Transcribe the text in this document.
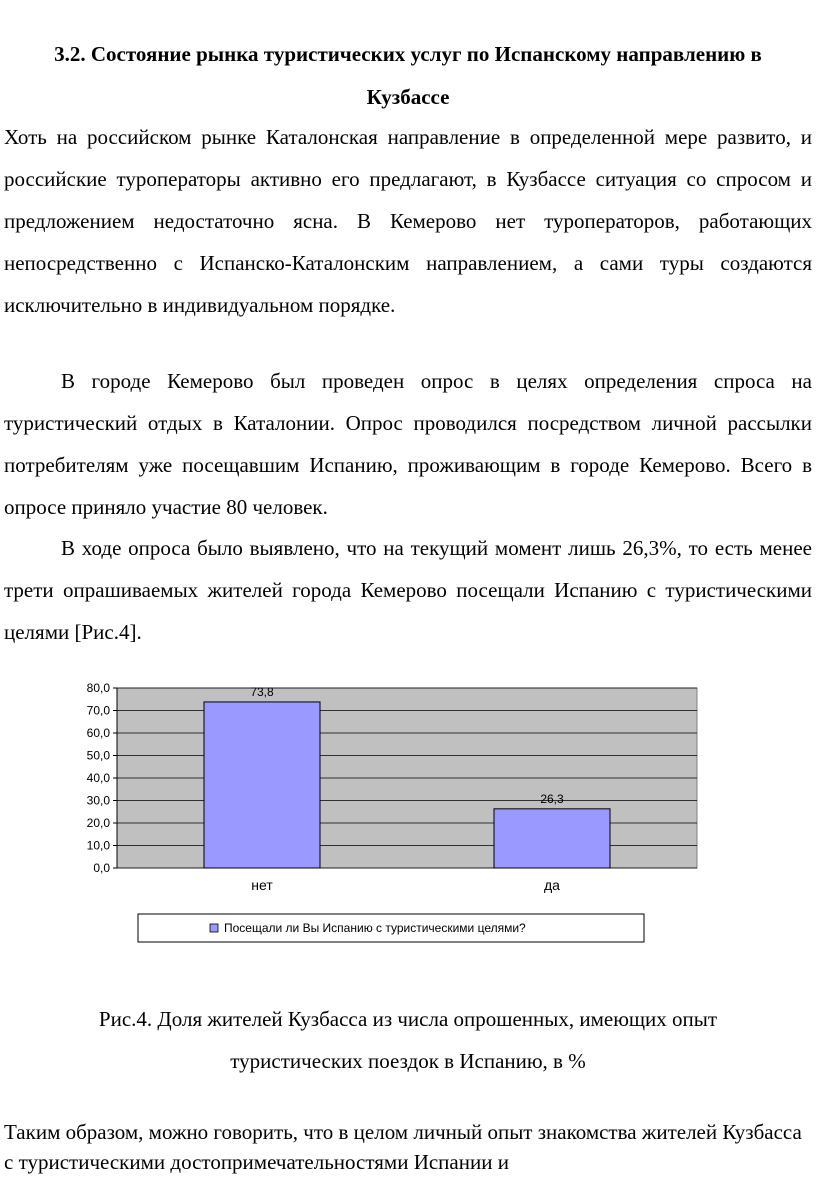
3.2. Состояние рынка туристических услуг по Испанскому направлению в
Кузбассе

Хоть на российском рынке Каталонская направление в определенной мере развито, и российские туроператоры активно его предлагают, в Кузбассе ситуация со спросом и предложением недостаточно ясна. В Кемерово нет туроператоров, работающих непосредственно с Испанско-Каталонским направлением, а сами туры создаются исключительно в индивидуальном порядке.

В городе Кемерово был проведен опрос в целях определения спроса на туристический отдых в Каталонии. Опрос проводился посредством личной рассылки потребителям уже посещавшим Испанию, проживающим в городе Кемерово. Всего в опросе приняло участие 80 человек.

В ходе опроса было выявлено, что на текущий момент лишь 26,3%, то есть менее трети опрашиваемых жителей города Кемерово посещали Испанию с туристическими целями [Рис.4].

0,0
10,0
20,0
30,0
40,0
50,0
60,0
70,0
80,0	73,8
26,3
нет	да
Посещали ли Вы Испанию с туристическими целями?
Рис.4. Доля жителей Кузбасса из числа опрошенных, имеющих опыт
туристических поездок в Испанию, в %

Таким образом, можно говорить, что в целом личный опыт знакомства жителей Кузбасса с туристическими достопримечательностями Испании и
